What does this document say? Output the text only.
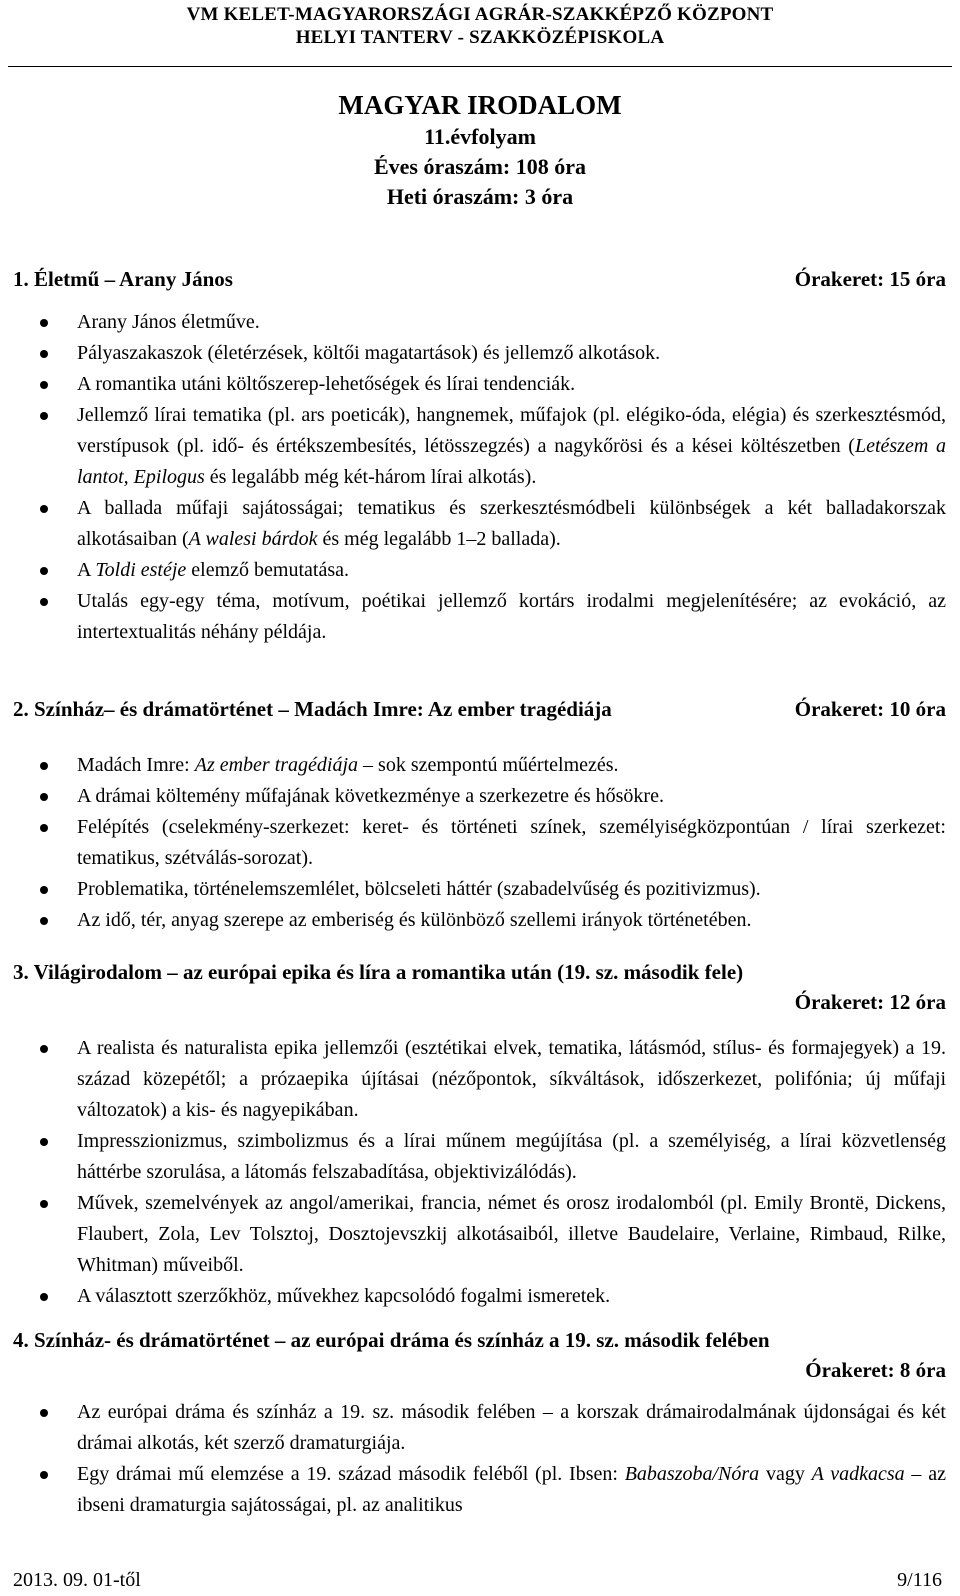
VM KELET-MAGYARORSZÁGI AGRÁR-SZAKKÉPZŐ KÖZPONT
HELYI TANTERV - SZAKKÖZÉPISKOLA
MAGYAR IRODALOM
11.évfolyam
Éves óraszám: 108 óra
Heti óraszám: 3 óra
1. Életmű – Arany János	Órakeret: 15 óra
Arany János életműve.
Pályaszakaszok (életérzések, költői magatartások) és jellemző alkotások.
A romantika utáni költőszerep-lehetőségek és lírai tendenciák.
Jellemző lírai tematika (pl. ars poeticák), hangnemek, műfajok (pl. elégiko-óda, elégia) és szerkesztésmód, verstípusok (pl. idő- és értékszembesítés, létösszegzés) a nagykőrösi és a kései költészetben (Letészem a lantot, Epilogus és legalább még két-három lírai alkotás).
A ballada műfaji sajátosságai; tematikus és szerkesztésmódbeli különbségek a két balladakorszak alkotásaiban (A walesi bárdok és még legalább 1–2 ballada).
A Toldi estéje elemző bemutatása.
Utalás egy-egy téma, motívum, poétikai jellemző kortárs irodalmi megjelenítésére; az evokáció, az intertextualitás néhány példája.
2. Színház– és drámatörténet – Madách Imre: Az ember tragédiája	Órakeret: 10 óra
Madách Imre: Az ember tragédiája – sok szempontú műértelmezés.
A drámai költemény műfajának következménye a szerkezetre és hősökre.
Felépítés (cselekmény-szerkezet: keret- és történeti színek, személyiségközpontúan / lírai szerkezet: tematikus, szétválás-sorozat).
Problematika, történelemszemlélet, bölcseleti háttér (szabadelvűség és pozitivizmus).
Az idő, tér, anyag szerepe az emberiség és különböző szellemi irányok történetében.
3. Világirodalom – az európai epika és líra a romantika után (19. sz. második fele)
Órakeret: 12 óra
A realista és naturalista epika jellemzői (esztétikai elvek, tematika, látásmód, stílus- és formajegyek) a 19. század közepétől; a prózaepika újításai (nézőpontok, síkváltások, időszerkezet, polifónia; új műfaji változatok) a kis- és nagyepikában.
Impresszionizmus, szimbolizmus és a lírai műnem megújítása (pl. a személyiség, a lírai közvetlenség háttérbe szorulása, a látomás felszabadítása, objektivizálódás).
Művek, szemelvények az angol/amerikai, francia, német és orosz irodalomból (pl. Emily Brontë, Dickens, Flaubert, Zola, Lev Tolsztoj, Dosztojevszkij alkotásaiból, illetve Baudelaire, Verlaine, Rimbaud, Rilke, Whitman) műveiből.
A választott szerzőkhöz, művekhez kapcsolódó fogalmi ismeretek.
4. Színház- és drámatörténet – az európai dráma és színház a 19. sz. második felében
Órakeret: 8 óra
Az európai dráma és színház a 19. sz. második felében – a korszak drámairodalmának újdonságai és két drámai alkotás, két szerző dramaturgiája.
Egy drámai mű elemzése a 19. század második feléből (pl. Ibsen: Babaszoba/Nóra vagy A vadkacsa – az ibseni dramaturgia sajátosságai, pl. az analitikus
2013. 09. 01-től	9/116
